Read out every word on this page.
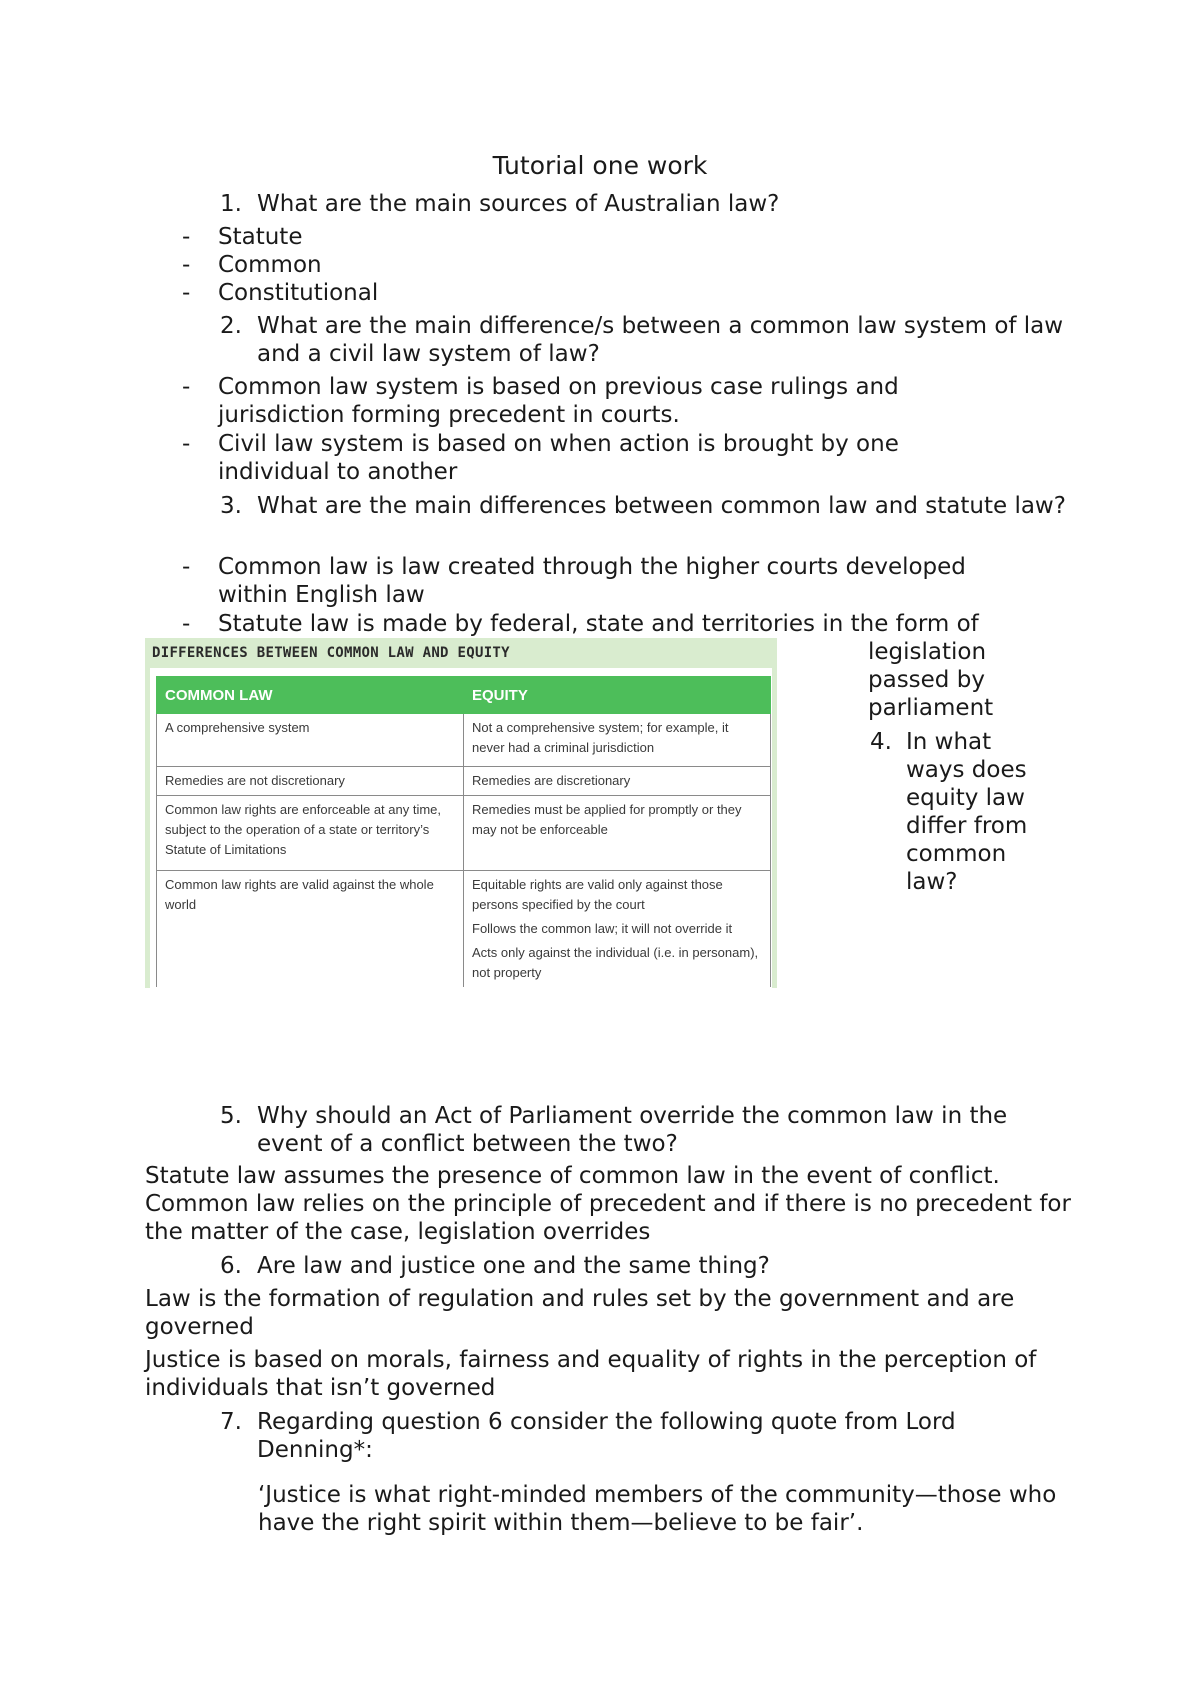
Tutorial one work
1. What are the main sources of Australian law?
- Statute
- Common
- Constitutional
2. What are the main difference/s between a common law system of law and a civil law system of law?
- Common law system is based on previous case rulings and jurisdiction forming precedent in courts.
- Civil law system is based on when action is brought by one individual to another
3. What are the main differences between common law and statute law?
- Common law is law created through the higher courts developed within English law
- Statute law is made by federal, state and territories in the form of
DIFFERENCES BETWEEN COMMON LAW AND EQUITY
COMMON LAW	EQUITY

A comprehensive system	Not a comprehensive system; for example, it never had a criminal jurisdiction

Remedies are not discretionary	Remedies are discretionary

Common law rights are enforceable at any time, subject to the operation of a state or territory’s Statute of Limitations	Remedies must be applied for promptly or they may not be enforceable

Common law rights are valid against the whole world	Equitable rights are valid only against those persons specified by the court
Follows the common law; it will not override it
Acts only against the individual (i.e. in personam), not property
legislation
passed by
parliament
4. In what
ways does
equity law
differ from
common
law?
5. Why should an Act of Parliament override the common law in the event of a conflict between the two?
Statute law assumes the presence of common law in the event of conflict. Common law relies on the principle of precedent and if there is no precedent for the matter of the case, legislation overrides
6. Are law and justice one and the same thing?
Law is the formation of regulation and rules set by the government and are governed
Justice is based on morals, fairness and equality of rights in the perception of individuals that isn’t governed
7. Regarding question 6 consider the following quote from Lord Denning*:
‘Justice is what right-minded members of the community—those who have the right spirit within them—believe to be fair’.
